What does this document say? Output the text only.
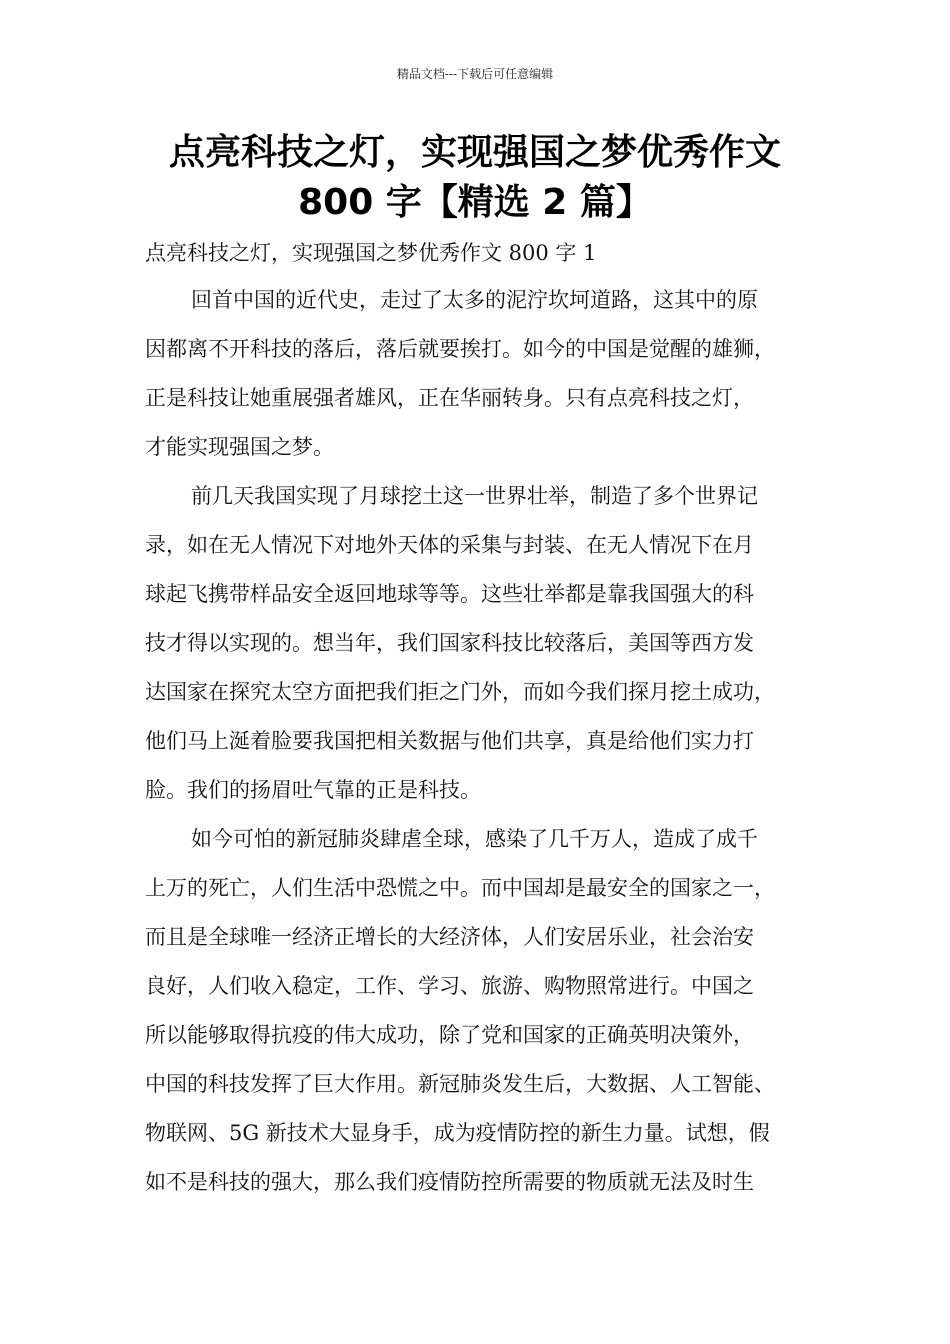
精品文档---下载后可任意编辑
点亮科技之灯，实现强国之梦优秀作文
800 字【精选 2 篇】
点亮科技之灯，实现强国之梦优秀作文 800 字 1
回首中国的近代史，走过了太多的泥泞坎坷道路，这其中的原
因都离不开科技的落后，落后就要挨打。如今的中国是觉醒的雄狮，
正是科技让她重展强者雄风，正在华丽转身。只有点亮科技之灯，
才能实现强国之梦。
前几天我国实现了月球挖土这一世界壮举，制造了多个世界记
录，如在无人情况下对地外天体的采集与封装、在无人情况下在月
球起飞携带样品安全返回地球等等。这些壮举都是靠我国强大的科
技才得以实现的。想当年，我们国家科技比较落后，美国等西方发
达国家在探究太空方面把我们拒之门外，而如今我们探月挖土成功，
他们马上涎着脸要我国把相关数据与他们共享，真是给他们实力打
脸。我们的扬眉吐气靠的正是科技。
如今可怕的新冠肺炎肆虐全球，感染了几千万人，造成了成千
上万的死亡，人们生活中恐慌之中。而中国却是最安全的国家之一，
而且是全球唯一经济正增长的大经济体，人们安居乐业，社会治安
良好，人们收入稳定，工作、学习、旅游、购物照常进行。中国之
所以能够取得抗疫的伟大成功，除了党和国家的正确英明决策外，
中国的科技发挥了巨大作用。新冠肺炎发生后，大数据、人工智能、
物联网、5G 新技术大显身手，成为疫情防控的新生力量。试想，假
如不是科技的强大，那么我们疫情防控所需要的物质就无法及时生
